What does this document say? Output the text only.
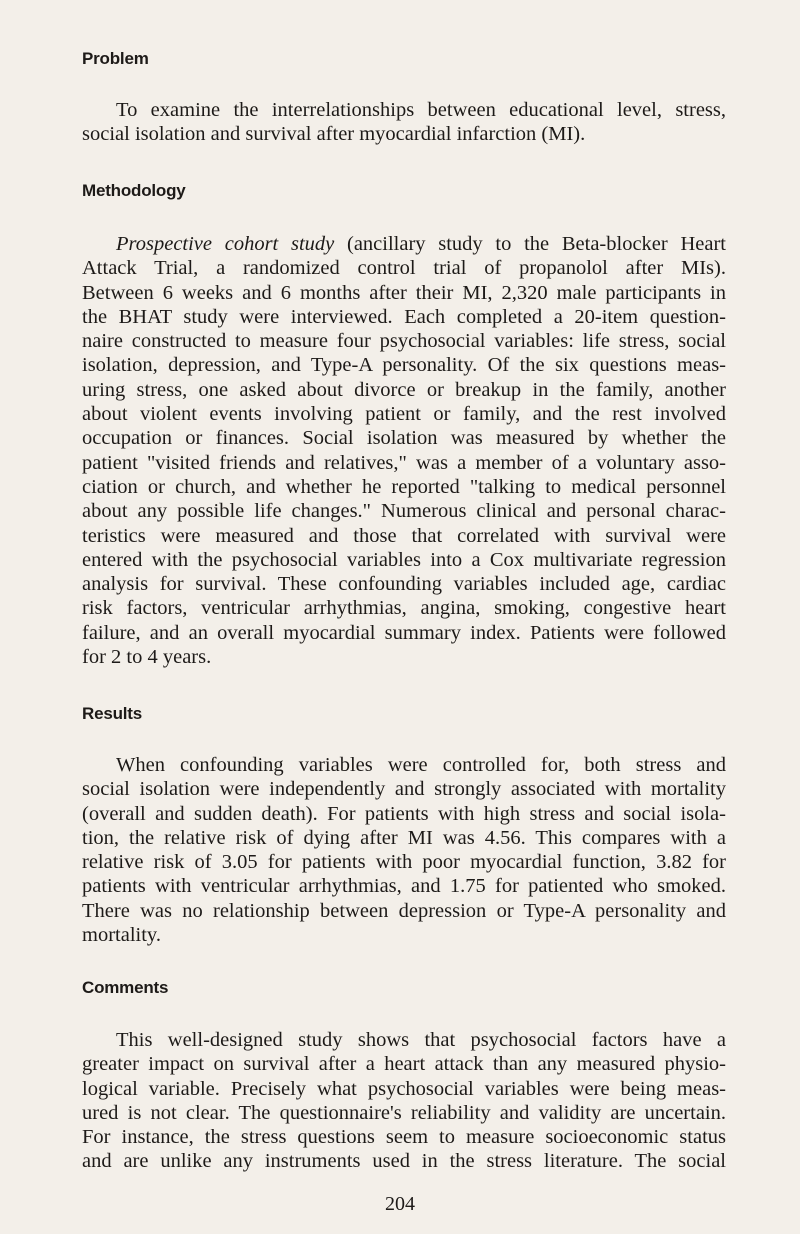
Problem
To examine the interrelationships between educational level, stress,
social isolation and survival after myocardial infarction (MI).
Methodology
Prospective cohort study (ancillary study to the Beta-blocker Heart
Attack Trial, a randomized control trial of propanolol after MIs).
Between 6 weeks and 6 months after their MI, 2,320 male participants in
the BHAT study were interviewed. Each completed a 20-item question-
naire constructed to measure four psychosocial variables: life stress, social
isolation, depression, and Type-A personality. Of the six questions meas-
uring stress, one asked about divorce or breakup in the family, another
about violent events involving patient or family, and the rest involved
occupation or finances. Social isolation was measured by whether the
patient "visited friends and relatives," was a member of a voluntary asso-
ciation or church, and whether he reported "talking to medical personnel
about any possible life changes." Numerous clinical and personal charac-
teristics were measured and those that correlated with survival were
entered with the psychosocial variables into a Cox multivariate regression
analysis for survival. These confounding variables included age, cardiac
risk factors, ventricular arrhythmias, angina, smoking, congestive heart
failure, and an overall myocardial summary index. Patients were followed
for 2 to 4 years.
Results
When confounding variables were controlled for, both stress and
social isolation were independently and strongly associated with mortality
(overall and sudden death). For patients with high stress and social isola-
tion, the relative risk of dying after MI was 4.56. This compares with a
relative risk of 3.05 for patients with poor myocardial function, 3.82 for
patients with ventricular arrhythmias, and 1.75 for patiented who smoked.
There was no relationship between depression or Type-A personality and
mortality.
Comments
This well-designed study shows that psychosocial factors have a
greater impact on survival after a heart attack than any measured physio-
logical variable. Precisely what psychosocial variables were being meas-
ured is not clear. The questionnaire's reliability and validity are uncertain.
For instance, the stress questions seem to measure socioeconomic status
and are unlike any instruments used in the stress literature. The social
204
